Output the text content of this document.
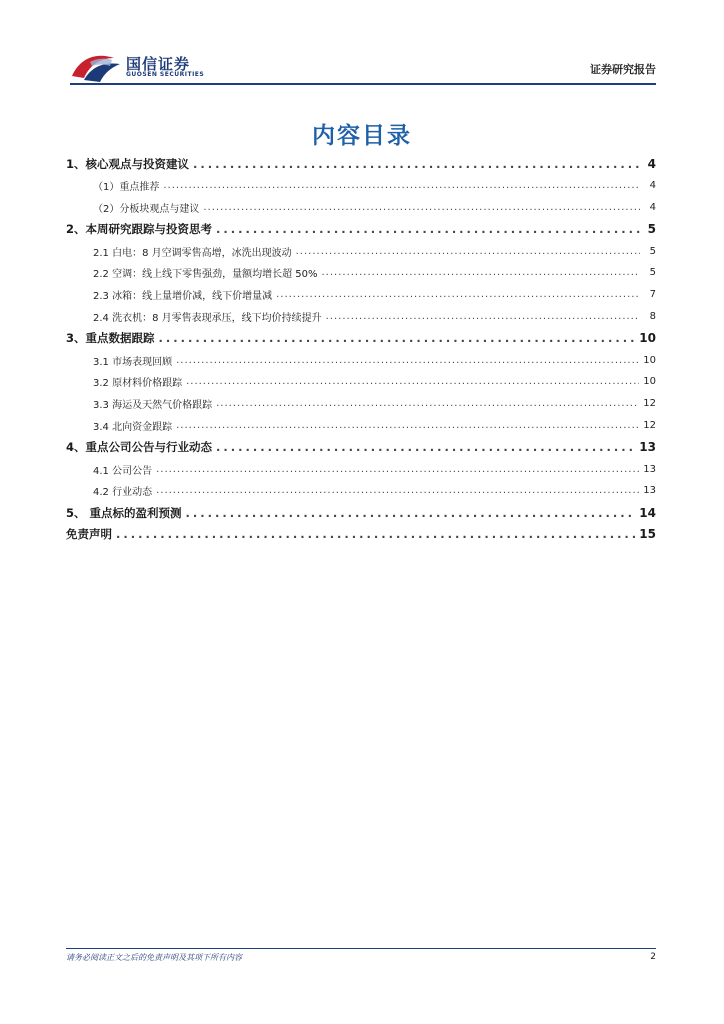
国信证券
GUOSEN SECURITIES	证券研究报告
内容目录
1、核心观点与投资建议 .....	4
（1）重点推荐 .....	4
（2）分板块观点与建议 .....	4
2、本周研究跟踪与投资思考 .....	5
2.1 白电：8 月空调零售高增，冰洗出现波动 .....	5
2.2 空调：线上线下零售强劲，量额均增长超 50% .....	5
2.3 冰箱：线上量增价减，线下价增量减 .....	7
2.4 洗衣机：8 月零售表现承压，线下均价持续提升 .....	8
3、重点数据跟踪 .....	10
3.1 市场表现回顾 .....	10
3.2 原材料价格跟踪 .....	10
3.3 海运及天然气价格跟踪 .....	12
3.4 北向资金跟踪 .....	12
4、重点公司公告与行业动态 .....	13
4.1 公司公告 .....	13
4.2 行业动态 .....	13
5、 重点标的盈利预测 .....	14
免责声明 .....	15
请务必阅读正文之后的免责声明及其项下所有内容	2
